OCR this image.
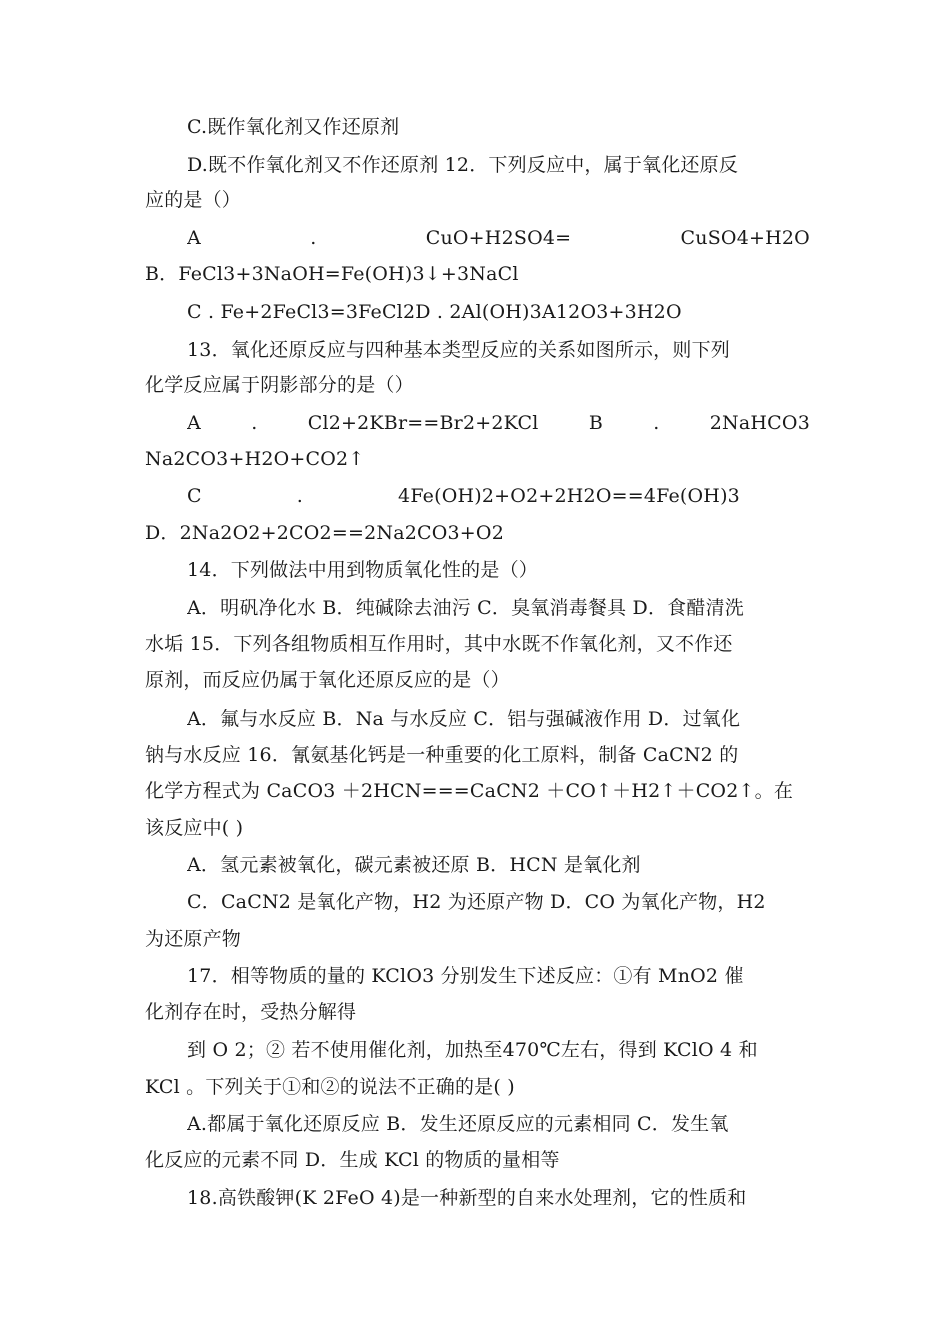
C.既作氧化剂又作还原剂
D.既不作氧化剂又不作还原剂 12．下列反应中，属于氧化还原反
应的是（）
A	.	CuO+H2SO4=	CuSO4+H2O
B．FeCl3+3NaOH=Fe(OH)3↓+3NaCl
C . Fe+2FeCl3=3FeCl2D . 2Al(OH)3A12O3+3H2O
13．氧化还原反应与四种基本类型反应的关系如图所示，则下列
化学反应属于阴影部分的是（）
A	.	Cl2+2KBr==Br2+2KCl	B	.	2NaHCO3
Na2CO3+H2O+CO2↑
C	.	4Fe(OH)2+O2+2H2O==4Fe(OH)3
D．2Na2O2+2CO2==2Na2CO3+O2
14．下列做法中用到物质氧化性的是（）
A．明矾净化水 B．纯碱除去油污 C．臭氧消毒餐具 D．食醋清洗
水垢 15．下列各组物质相互作用时，其中水既不作氧化剂，又不作还
原剂，而反应仍属于氧化还原反应的是（）
A．氟与水反应 B．Na 与水反应 C．铝与强碱液作用 D．过氧化
钠与水反应 16．氰氨基化钙是一种重要的化工原料，制备 CaCN2 的
化学方程式为 CaCO3 ＋2HCN===CaCN2 ＋CO↑＋H2↑＋CO2↑。在
该反应中( )
A．氢元素被氧化，碳元素被还原 B．HCN 是氧化剂
C．CaCN2 是氧化产物，H2 为还原产物 D．CO 为氧化产物，H2
为还原产物
17．相等物质的量的 KClO3 分别发生下述反应：①有 MnO2 催
化剂存在时，受热分解得
到 O 2；② 若不使用催化剂，加热至470℃左右，得到 KClO 4 和
KCl 。下列关于①和②的说法不正确的是( )
A.都属于氧化还原反应 B．发生还原反应的元素相同 C．发生氧
化反应的元素不同 D．生成 KCl 的物质的量相等
18.高铁酸钾(K 2FeO 4)是一种新型的自来水处理剂，它的性质和
